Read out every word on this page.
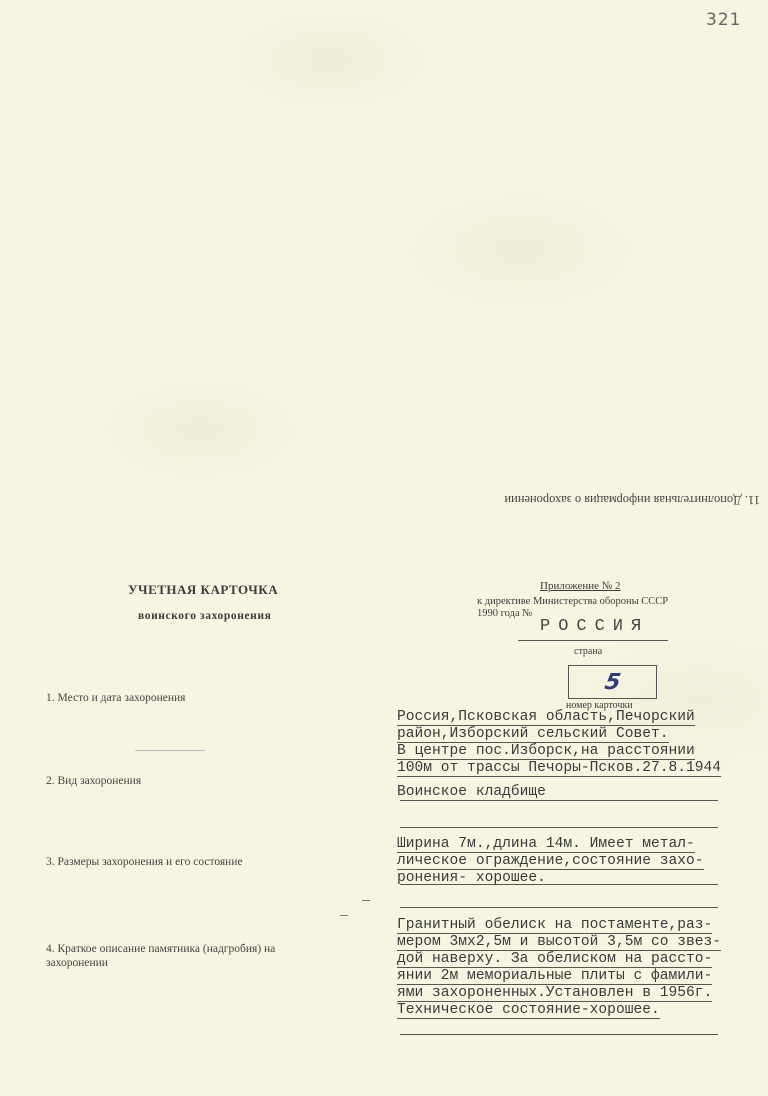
321
11. Дополнительная информация о захоронении
УЧЕТНАЯ КАРТОЧКА
воинского захоронения
Приложение № 2
к директиве Министерства обороны СССР
1990 года №
РОССИЯ
страна
5
номер карточки
1. Место и дата захоронения
Россия,Псковская область,Печорский
район,Изборский сельский Совет.
В центре пос.Изборск,на расстоянии
100м от трассы Печоры-Псков.27.8.1944
2. Вид захоронения
Воинское кладбище
3. Размеры захоронения и его состояние
Ширина 7м.,длина 14м. Имеет метал-
лическое ограждение,состояние захо-
ронения- хорошее.
4. Краткое описание памятника (надгробия) на
захоронении
Гранитный обелиск на постаменте,раз-
мером 3мх2,5м и высотой 3,5м со звез-
дой наверху. За обелиском на рассто-
янии 2м мемориальные плиты с фамили-
ями захороненных.Установлен в 1956г.
Техническое состояние-хорошее.
